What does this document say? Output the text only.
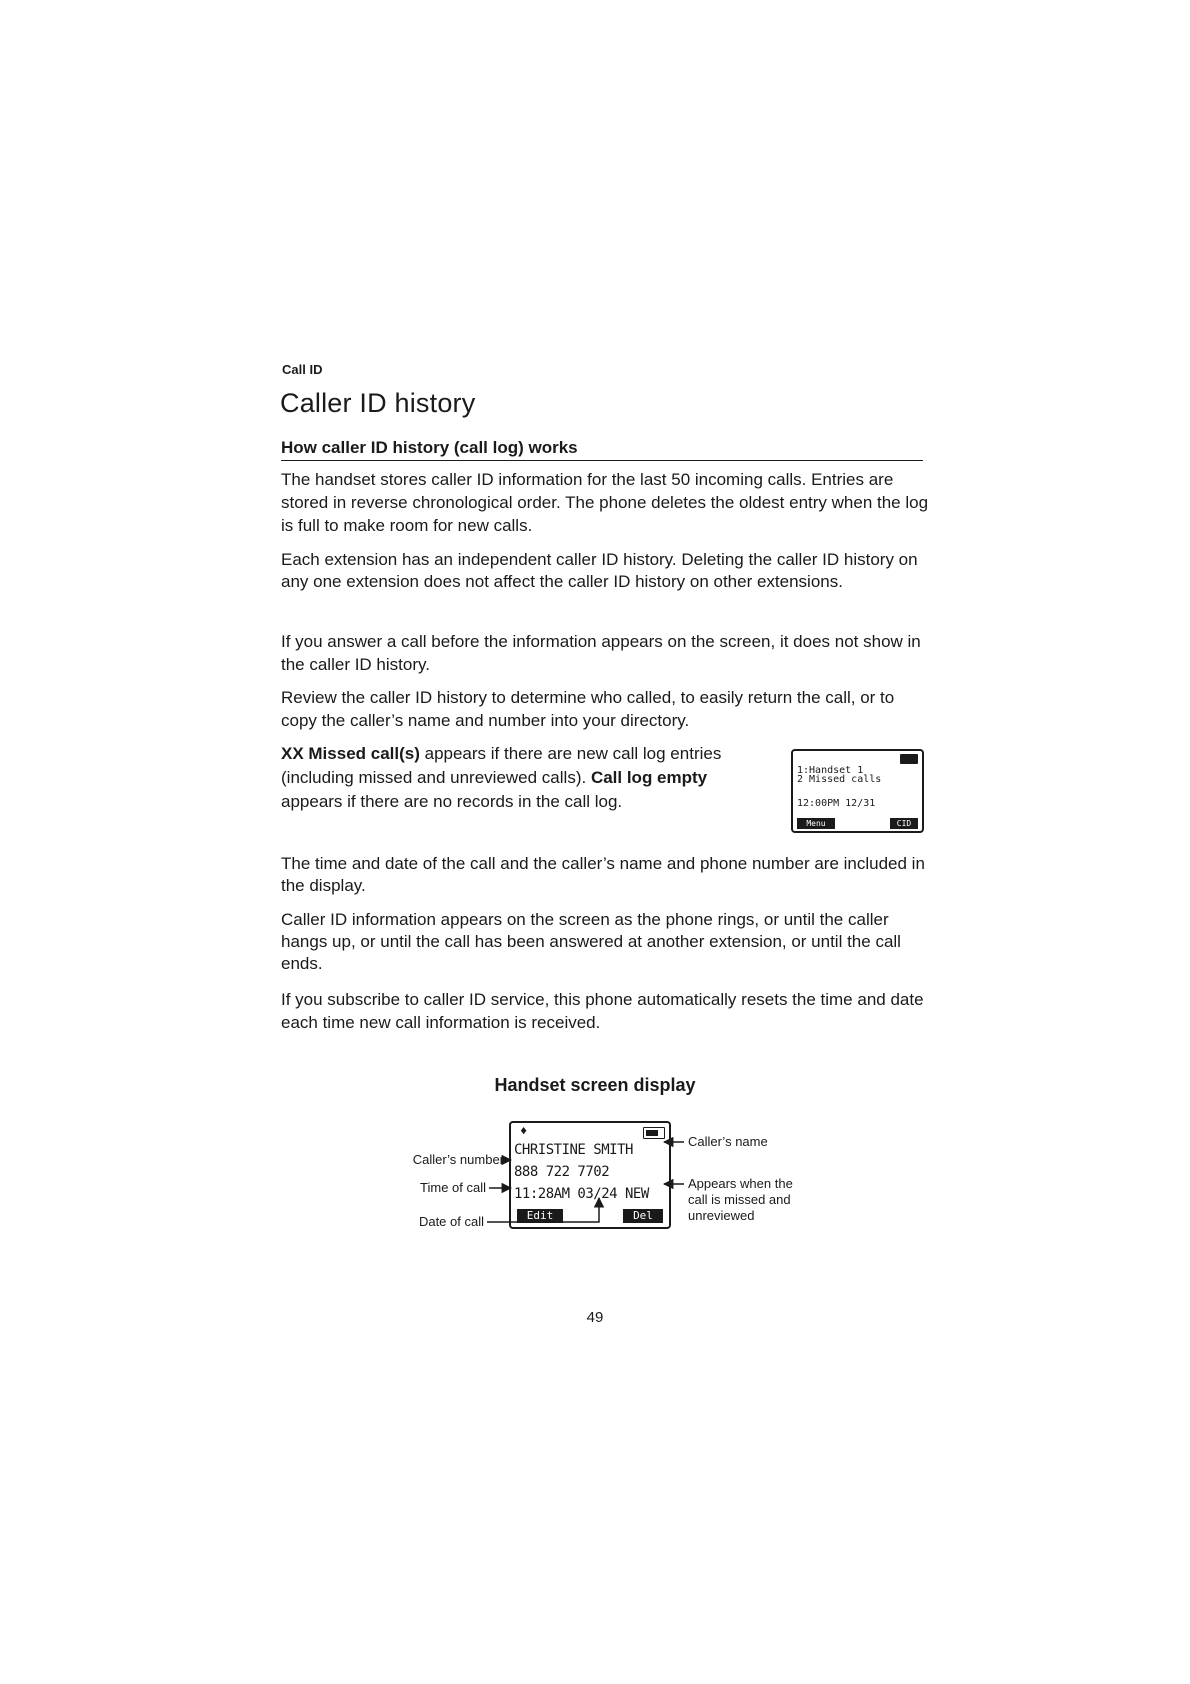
Call ID
Caller ID history
How caller ID history (call log) works
The handset stores caller ID information for the last 50 incoming calls. Entries are stored in reverse chronological order. The phone deletes the oldest entry when the log is full to make room for new calls.
Each extension has an independent caller ID history. Deleting the caller ID history on any one extension does not affect the caller ID history on other extensions.
If you answer a call before the information appears on the screen, it does not show in the caller ID history.
Review the caller ID history to determine who called, to easily return the call, or to copy the caller’s name and number into your directory.
XX Missed call(s) appears if there are new call log entries (including missed and unreviewed calls). Call log empty appears if there are no records in the call log.
1:Handset 1
2 Missed calls
12:00PM 12/31
Menu	CID
The time and date of the call and the caller’s name and phone number are included in the display.
Caller ID information appears on the screen as the phone rings, or until the caller hangs up, or until the call has been answered at another extension, or until the call ends.
If you subscribe to caller ID service, this phone automatically resets the time and date each time new call information is received.
Handset screen display
♦
CHRISTINE SMITH
888 722 7702
11:28AM 03/24 NEW
Edit	Del
Caller’s number
Time of call
Date of call
Caller’s name
Appears when the
call is missed and
unreviewed
49
